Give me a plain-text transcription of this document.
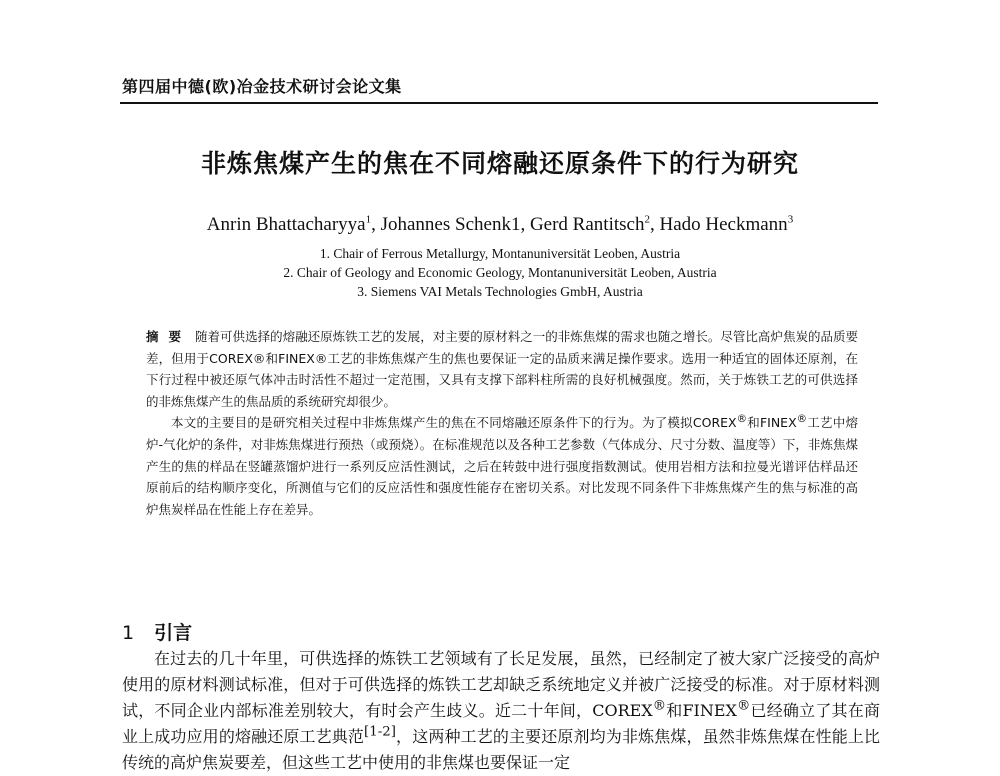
第四届中德(欧)冶金技术研讨会论文集
非炼焦煤产生的焦在不同熔融还原条件下的行为研究
Anrin Bhattacharyya$^1$, Johannes Schenk1, Gerd Rantitsch$^2$, Hado Heckmann$^3$
1. Chair of Ferrous Metallurgy, Montanuniversität Leoben, Austria
2. Chair of Geology and Economic Geology, Montanuniversität Leoben, Austria
3. Siemens VAI Metals Technologies GmbH, Austria

摘要 随着可供选择的熔融还原炼铁工艺的发展，对主要的原材料之一的非炼焦煤的需求也随之增长。尽管比高炉焦炭的品质要差，但用于COREX®和FINEX®工艺的非炼焦煤产生的焦也要保证一定的品质来满足操作要求。选用一种适宜的固体还原剂，在下行过程中被还原气体冲击时活性不超过一定范围，又具有支撑下部料柱所需的良好机械强度。然而，关于炼铁工艺的可供选择的非炼焦煤产生的焦品质的系统研究却很少。

本文的主要目的是研究相关过程中非炼焦煤产生的焦在不同熔融还原条件下的行为。为了模拟COREX®和FINEX®工艺中熔炉-气化炉的条件，对非炼焦煤进行预热（或预烧）。在标准规范以及各种工艺参数（气体成分、尺寸分数、温度等）下，非炼焦煤产生的焦的样品在竖罐蒸馏炉进行一系列反应活性测试，之后在转鼓中进行强度指数测试。使用岩相方法和拉曼光谱评估样品还原前后的结构顺序变化，所测值与它们的反应活性和强度性能存在密切关系。对比发现不同条件下非炼焦煤产生的焦与标准的高炉焦炭样品在性能上存在差异。

1 引言

在过去的几十年里，可供选择的炼铁工艺领域有了长足发展，虽然，已经制定了被大家广泛接受的高炉使用的原材料测试标准，但对于可供选择的炼铁工艺却缺乏系统地定义并被广泛接受的标准。对于原材料测试，不同企业内部标准差别较大，有时会产生歧义。近二十年间，COREX®和FINEX®已经确立了其在商业上成功应用的熔融还原工艺典范[1-2]，这两种工艺的主要还原剂均为非炼焦煤，虽然非炼焦煤在性能上比传统的高炉焦炭要差，但这些工艺中使用的非焦煤也要保证一定
